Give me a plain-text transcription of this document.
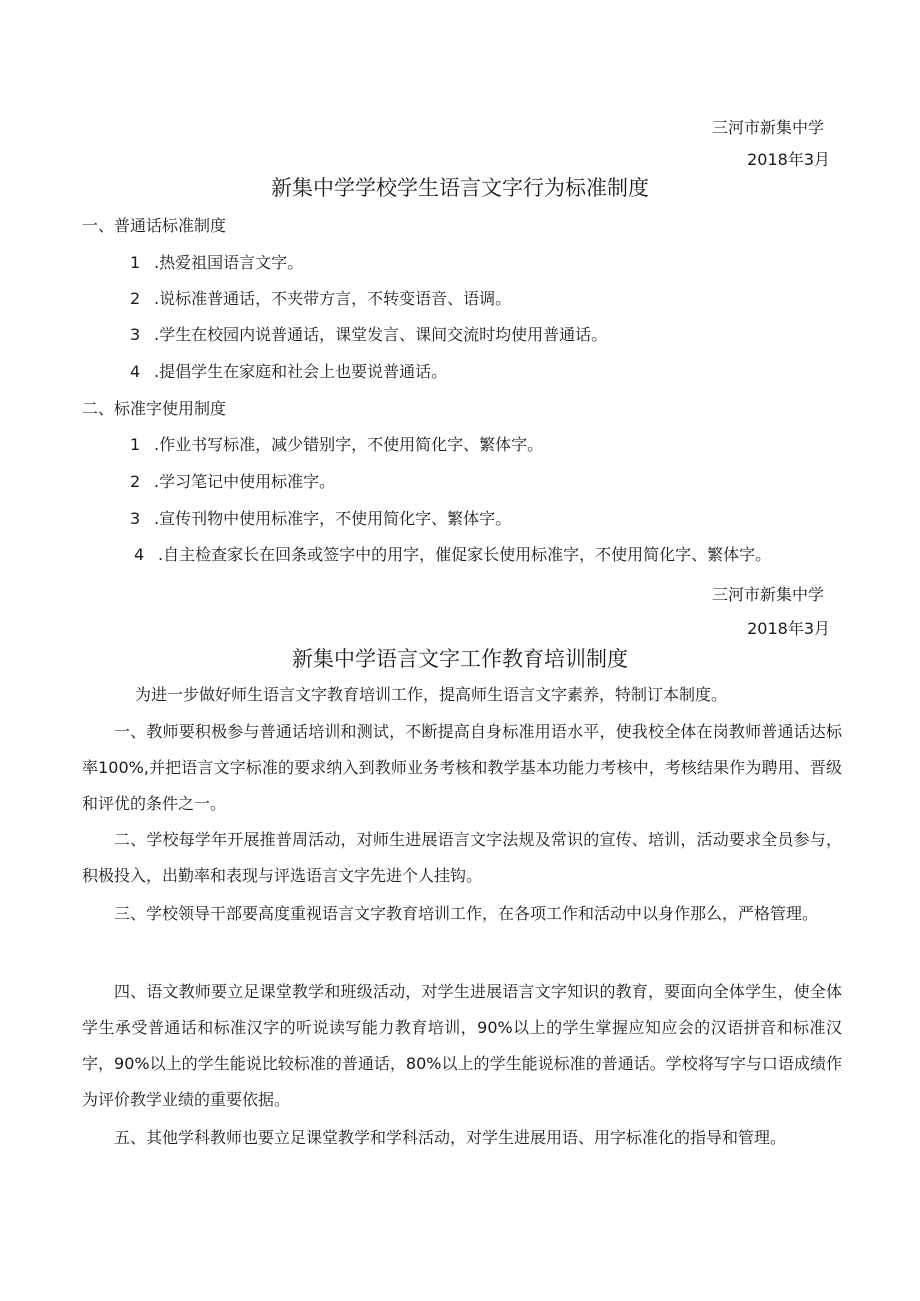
三河市新集中学
2018年3月
新集中学学校学生语言文字行为标准制度
一、普通话标准制度
1 .热爱祖国语言文字。
2 .说标准普通话，不夹带方言，不转变语音、语调。
3 .学生在校园内说普通话，课堂发言、课间交流时均使用普通话。
4 .提倡学生在家庭和社会上也要说普通话。
二、标准字使用制度
1 .作业书写标准，减少错别字，不使用简化字、繁体字。
2 .学习笔记中使用标准字。
3 .宣传刊物中使用标准字，不使用简化字、繁体字。
4 .自主检查家长在回条或签字中的用字，催促家长使用标准字，不使用简化字、繁体字。
三河市新集中学
2018年3月
新集中学语言文字工作教育培训制度
为进一步做好师生语言文字教育培训工作，提高师生语言文字素养，特制订本制度。

一、教师要积极参与普通话培训和测试，不断提高自身标准用语水平，使我校全体在岗教师普通话达标率100%,并把语言文字标准的要求纳入到教师业务考核和教学基本功能力考核中，考核结果作为聘用、晋级和评优的条件之一。

二、学校每学年开展推普周活动，对师生进展语言文字法规及常识的宣传、培训，活动要求全员参与，积极投入，出勤率和表现与评选语言文字先进个人挂钩。

三、学校领导干部要高度重视语言文字教育培训工作，在各项工作和活动中以身作那么，严格管理。

四、语文教师要立足课堂教学和班级活动，对学生进展语言文字知识的教育，要面向全体学生，使全体学生承受普通话和标准汉字的听说读写能力教育培训，90%以上的学生掌握应知应会的汉语拼音和标准汉字，90%以上的学生能说比较标准的普通话，80%以上的学生能说标准的普通话。学校将写字与口语成绩作为评价教学业绩的重要依据。

五、其他学科教师也要立足课堂教学和学科活动，对学生进展用语、用字标准化的指导和管理。
